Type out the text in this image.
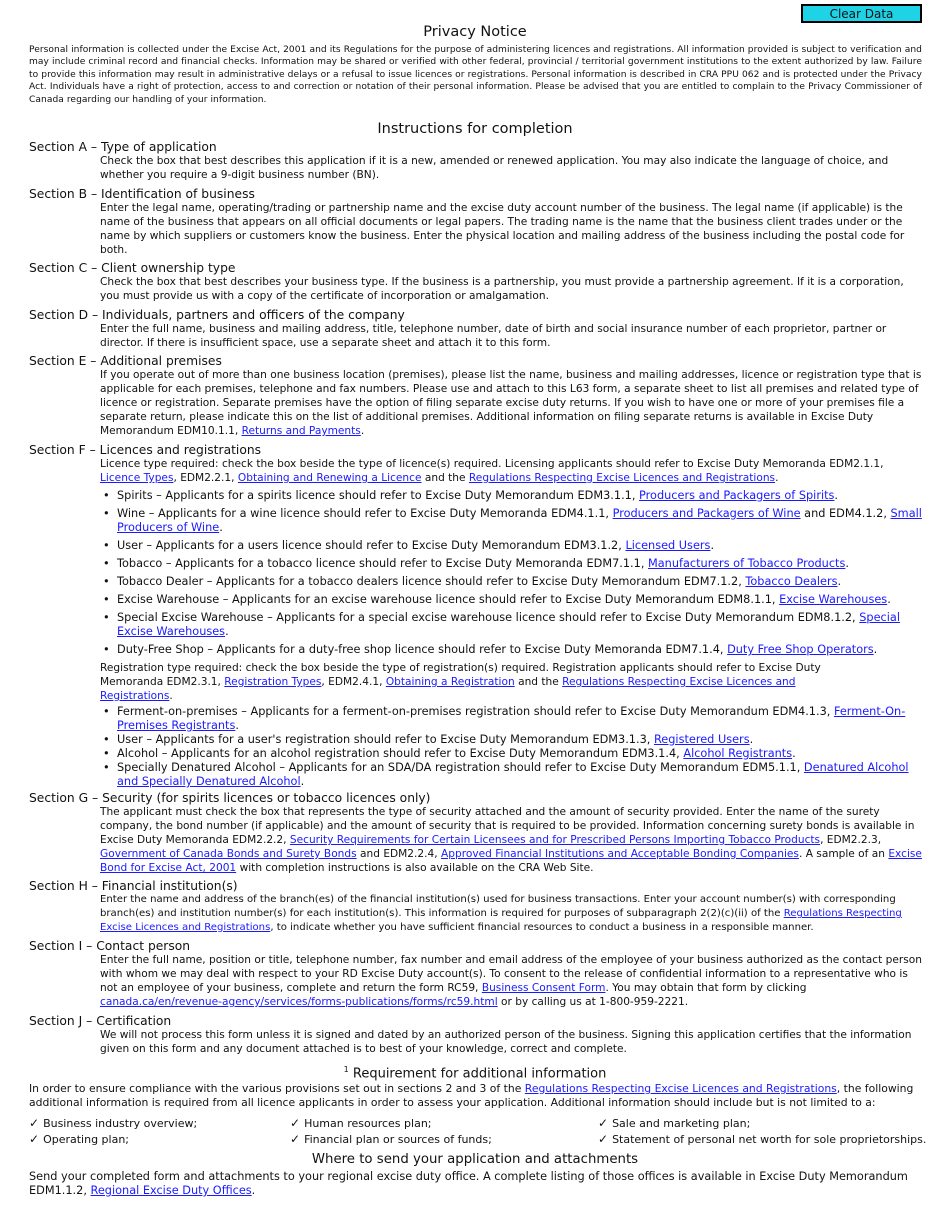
Clear Data
Privacy Notice
Personal information is collected under the Excise Act, 2001 and its Regulations for the purpose of administering licences and registrations. All information provided is subject to verification and may include criminal record and financial checks. Information may be shared or verified with other federal, provincial / territorial government institutions to the extent authorized by law. Failure to provide this information may result in administrative delays or a refusal to issue licences or registrations. Personal information is described in CRA PPU 062 and is protected under the Privacy Act. Individuals have a right of protection, access to and correction or notation of their personal information. Please be advised that you are entitled to complain to the Privacy Commissioner of Canada regarding our handling of your information.
Instructions for completion
Section A – Type of application
Check the box that best describes this application if it is a new, amended or renewed application. You may also indicate the language of choice, and whether you require a 9-digit business number (BN).
Section B – Identification of business
Enter the legal name, operating/trading or partnership name and the excise duty account number of the business. The legal name (if applicable) is the name of the business that appears on all official documents or legal papers. The trading name is the name that the business client trades under or the name by which suppliers or customers know the business. Enter the physical location and mailing address of the business including the postal code for both.
Section C – Client ownership type
Check the box that best describes your business type. If the business is a partnership, you must provide a partnership agreement. If it is a corporation, you must provide us with a copy of the certificate of incorporation or amalgamation.
Section D – Individuals, partners and officers of the company
Enter the full name, business and mailing address, title, telephone number, date of birth and social insurance number of each proprietor, partner or director. If there is insufficient space, use a separate sheet and attach it to this form.
Section E – Additional premises
If you operate out of more than one business location (premises), please list the name, business and mailing addresses, licence or registration type that is applicable for each premises, telephone and fax numbers. Please use and attach to this L63 form, a separate sheet to list all premises and related type of licence or registration. Separate premises have the option of filing separate excise duty returns. If you wish to have one or more of your premises file a separate return, please indicate this on the list of additional premises. Additional information on filing separate returns is available in Excise Duty Memorandum EDM10.1.1, Returns and Payments.
Section F – Licences and registrations
Licence type required: check the box beside the type of licence(s) required. Licensing applicants should refer to Excise Duty Memoranda EDM2.1.1, Licence Types, EDM2.2.1, Obtaining and Renewing a Licence and the Regulations Respecting Excise Licences and Registrations.
• Spirits – Applicants for a spirits licence should refer to Excise Duty Memorandum EDM3.1.1, Producers and Packagers of Spirits.
• Wine – Applicants for a wine licence should refer to Excise Duty Memoranda EDM4.1.1, Producers and Packagers of Wine and EDM4.1.2, Small Producers of Wine.
• User – Applicants for a users licence should refer to Excise Duty Memorandum EDM3.1.2, Licensed Users.
• Tobacco – Applicants for a tobacco licence should refer to Excise Duty Memoranda EDM7.1.1, Manufacturers of Tobacco Products.
• Tobacco Dealer – Applicants for a tobacco dealers licence should refer to Excise Duty Memorandum EDM7.1.2, Tobacco Dealers.
• Excise Warehouse – Applicants for an excise warehouse licence should refer to Excise Duty Memorandum EDM8.1.1, Excise Warehouses.
• Special Excise Warehouse – Applicants for a special excise warehouse licence should refer to Excise Duty Memorandum EDM8.1.2, Special Excise Warehouses.
• Duty-Free Shop – Applicants for a duty-free shop licence should refer to Excise Duty Memoranda EDM7.1.4, Duty Free Shop Operators.
Registration type required: check the box beside the type of registration(s) required. Registration applicants should refer to Excise Duty Memoranda EDM2.3.1, Registration Types, EDM2.4.1, Obtaining a Registration and the Regulations Respecting Excise Licences and Registrations.
• Ferment-on-premises – Applicants for a ferment-on-premises registration should refer to Excise Duty Memorandum EDM4.1.3, Ferment-On-Premises Registrants.
• User – Applicants for a user's registration should refer to Excise Duty Memorandum EDM3.1.3, Registered Users.
• Alcohol – Applicants for an alcohol registration should refer to Excise Duty Memorandum EDM3.1.4, Alcohol Registrants.
• Specially Denatured Alcohol – Applicants for an SDA/DA registration should refer to Excise Duty Memorandum EDM5.1.1, Denatured Alcohol and Specially Denatured Alcohol.
Section G – Security (for spirits licences or tobacco licences only)
The applicant must check the box that represents the type of security attached and the amount of security provided. Enter the name of the surety company, the bond number (if applicable) and the amount of security that is required to be provided. Information concerning surety bonds is available in Excise Duty Memoranda EDM2.2.2, Security Requirements for Certain Licensees and for Prescribed Persons Importing Tobacco Products, EDM2.2.3, Government of Canada Bonds and Surety Bonds and EDM2.2.4, Approved Financial Institutions and Acceptable Bonding Companies. A sample of an Excise Bond for Excise Act, 2001 with completion instructions is also available on the CRA Web Site.
Section H – Financial institution(s)
Enter the name and address of the branch(es) of the financial institution(s) used for business transactions. Enter your account number(s) with corresponding branch(es) and institution number(s) for each institution(s). This information is required for purposes of subparagraph 2(2)(c)(ii) of the Regulations Respecting Excise Licences and Registrations, to indicate whether you have sufficient financial resources to conduct a business in a responsible manner.
Section I – Contact person
Enter the full name, position or title, telephone number, fax number and email address of the employee of your business authorized as the contact person with whom we may deal with respect to your RD Excise Duty account(s). To consent to the release of confidential information to a representative who is not an employee of your business, complete and return the form RC59, Business Consent Form. You may obtain that form by clicking canada.ca/en/revenue-agency/services/forms-publications/forms/rc59.html or by calling us at 1-800-959-2221.
Section J – Certification
We will not process this form unless it is signed and dated by an authorized person of the business. Signing this application certifies that the information given on this form and any document attached is to best of your knowledge, correct and complete.
$^1$ Requirement for additional information
In order to ensure compliance with the various provisions set out in sections 2 and 3 of the Regulations Respecting Excise Licences and Registrations, the following additional information is required from all licence applicants in order to assess your application. Additional information should include but is not limited to a:
✓ Business industry overview;	✓ Human resources plan;	✓ Sale and marketing plan;
✓ Operating plan;	✓ Financial plan or sources of funds;	✓ Statement of personal net worth for sole proprietorships.
Where to send your application and attachments
Send your completed form and attachments to your regional excise duty office. A complete listing of those offices is available in Excise Duty Memorandum EDM1.1.2, Regional Excise Duty Offices.
